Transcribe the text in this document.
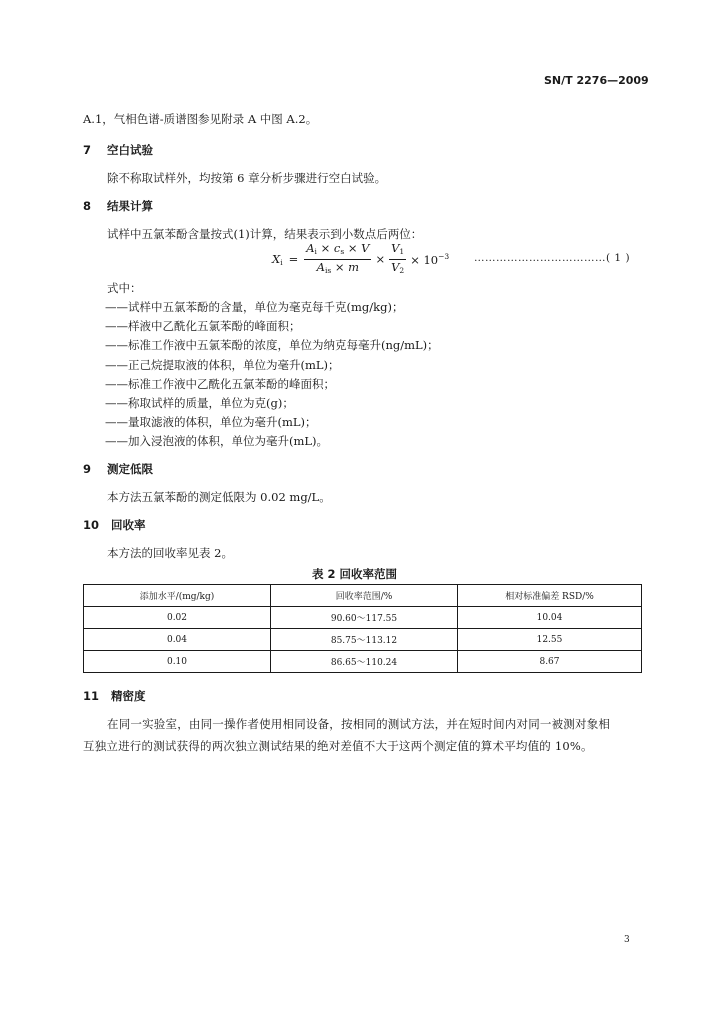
SN/T 2276—2009
A.1，气相色谱-质谱图参见附录 A 中图 A.2。
7 空白试验
除不称取试样外，均按第 6 章分析步骤进行空白试验。
8 结果计算
试样中五氯苯酚含量按式(1)计算，结果表示到小数点后两位：
$X_i = \frac{A_i \times c_s \times V}{A_{is} \times m} \times \frac{V_1}{V_2} \times 10^{-3}$ ………………………………( 1 )
式中：
——试样中五氯苯酚的含量，单位为毫克每千克(mg/kg)；
——样液中乙酰化五氯苯酚的峰面积；
——标准工作液中五氯苯酚的浓度，单位为纳克每毫升(ng/mL)；
——正己烷提取液的体积，单位为毫升(mL)；
——标准工作液中乙酰化五氯苯酚的峰面积；
——称取试样的质量，单位为克(g)；
——量取滤液的体积，单位为毫升(mL)；
——加入浸泡液的体积，单位为毫升(mL)。
9 测定低限
本方法五氯苯酚的测定低限为 0.02 mg/L。
10 回收率
本方法的回收率见表 2。
表 2 回收率范围
添加水平/(mg/kg)	回收率范围/%	相对标准偏差 RSD/%
0.02	90.60～117.55	10.04
0.04	85.75～113.12	12.55
0.10	86.65～110.24	8.67
11 精密度
在同一实验室，由同一操作者使用相同设备，按相同的测试方法，并在短时间内对同一被测对象相
互独立进行的测试获得的两次独立测试结果的绝对差值不大于这两个测定值的算术平均值的 10%。
3
